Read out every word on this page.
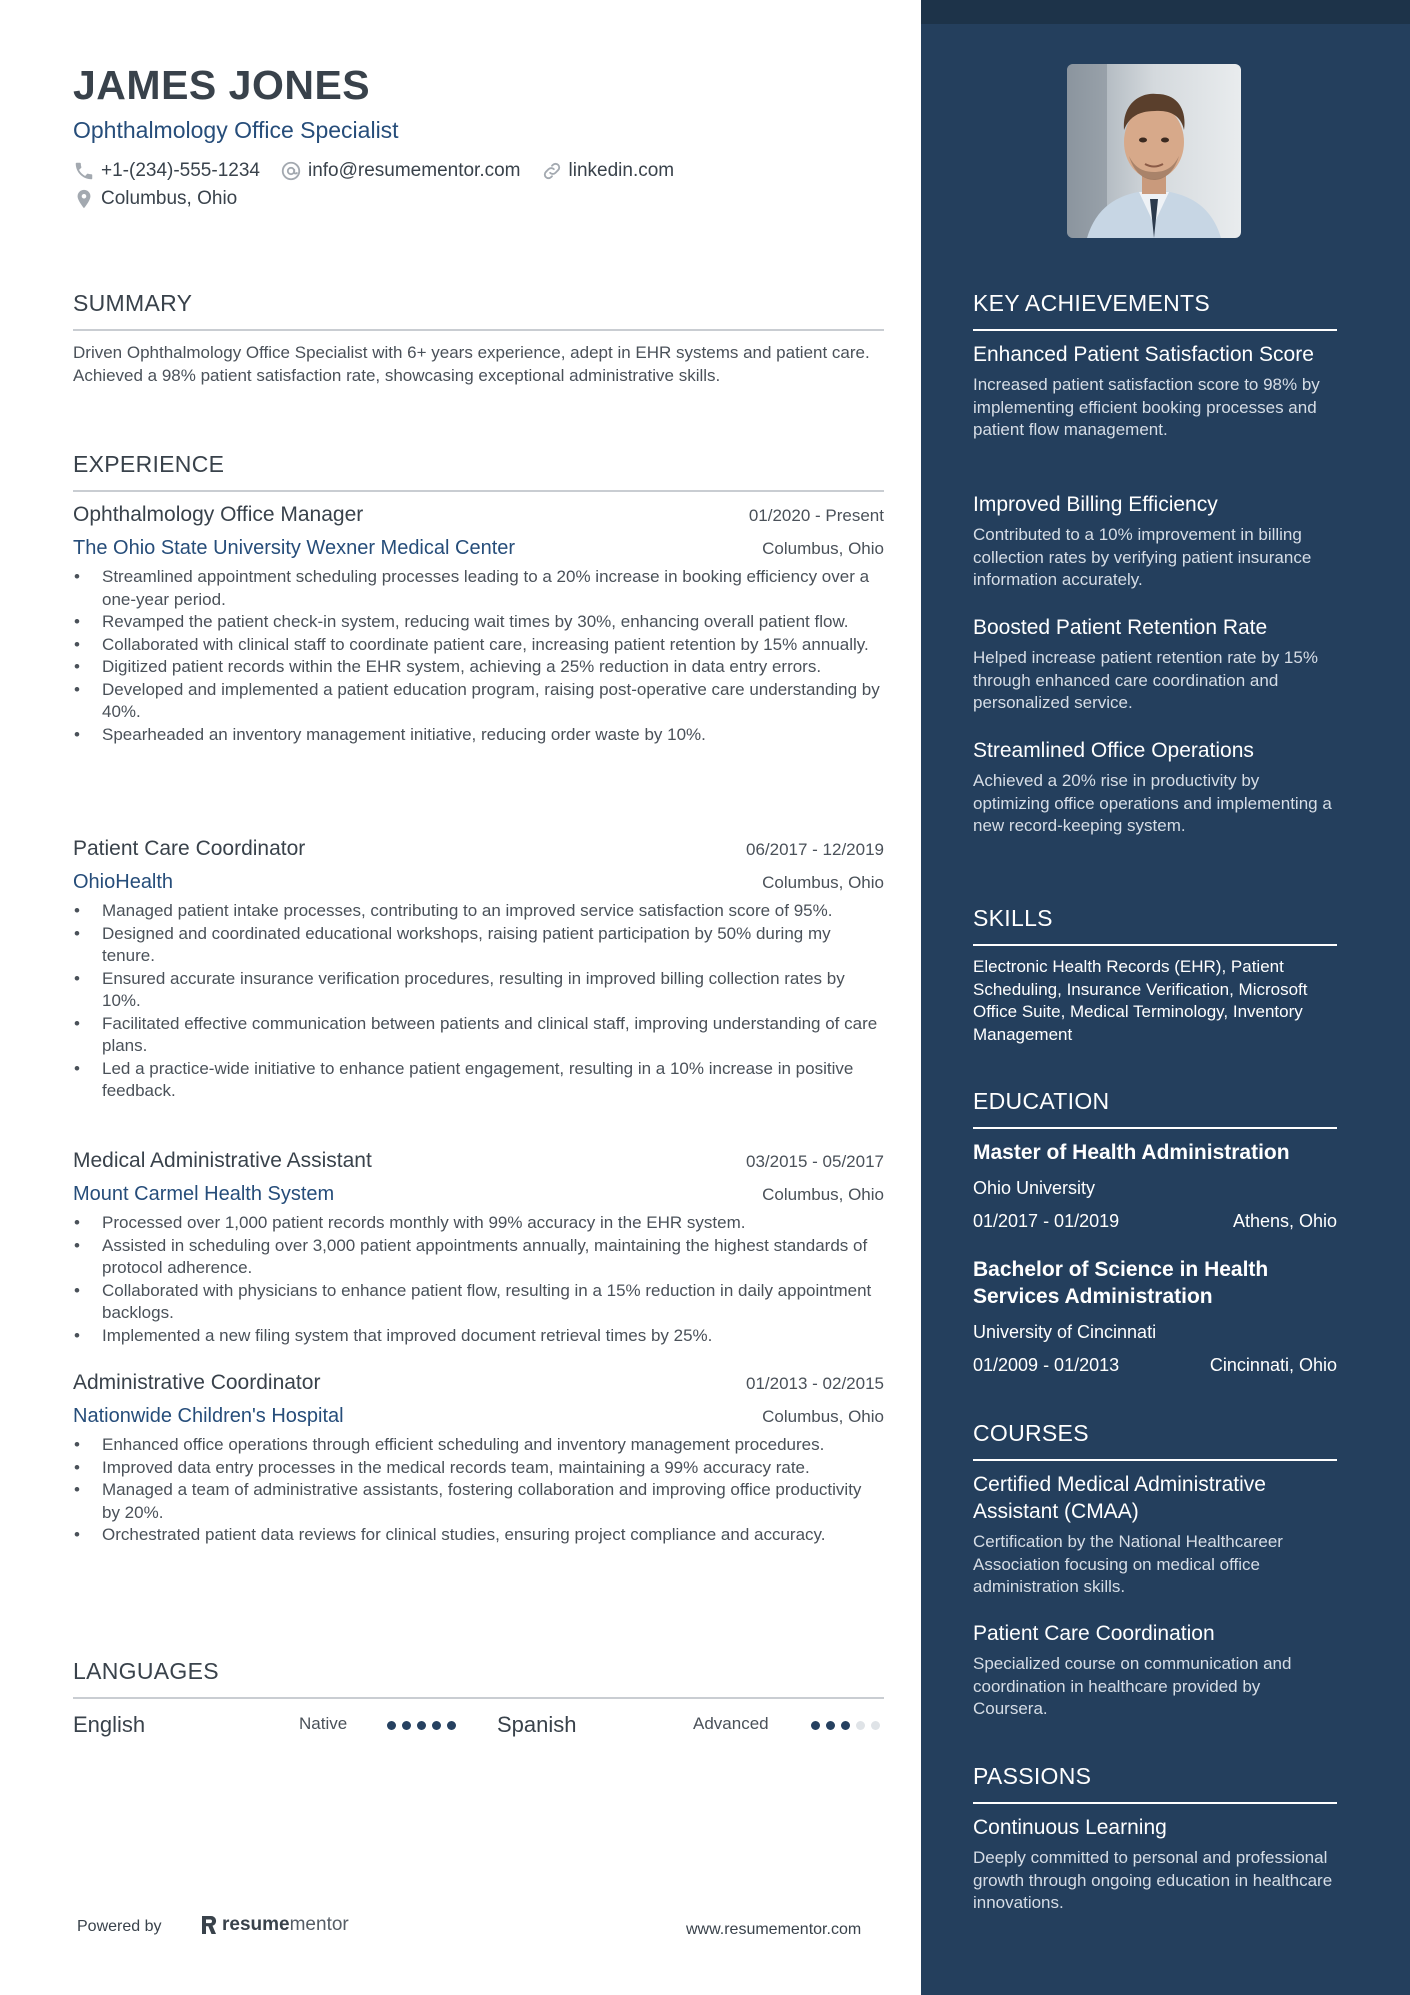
JAMES JONES
Ophthalmology Office Specialist
+1-(234)-555-1234	info@resumementor.com	linkedin.com
Columbus, Ohio
SUMMARY
Driven Ophthalmology Office Specialist with 6+ years experience, adept in EHR systems and patient care. Achieved a 98% patient satisfaction rate, showcasing exceptional administrative skills.
EXPERIENCE
Ophthalmology Office Manager	01/2020 - Present
The Ohio State University Wexner Medical Center	Columbus, Ohio
• Streamlined appointment scheduling processes leading to a 20% increase in booking efficiency over a one-year period.
• Revamped the patient check-in system, reducing wait times by 30%, enhancing overall patient flow.
• Collaborated with clinical staff to coordinate patient care, increasing patient retention by 15% annually.
• Digitized patient records within the EHR system, achieving a 25% reduction in data entry errors.
• Developed and implemented a patient education program, raising post-operative care understanding by 40%.
• Spearheaded an inventory management initiative, reducing order waste by 10%.
Patient Care Coordinator	06/2017 - 12/2019
OhioHealth	Columbus, Ohio
• Managed patient intake processes, contributing to an improved service satisfaction score of 95%.
• Designed and coordinated educational workshops, raising patient participation by 50% during my tenure.
• Ensured accurate insurance verification procedures, resulting in improved billing collection rates by 10%.
• Facilitated effective communication between patients and clinical staff, improving understanding of care plans.
• Led a practice-wide initiative to enhance patient engagement, resulting in a 10% increase in positive feedback.
Medical Administrative Assistant	03/2015 - 05/2017
Mount Carmel Health System	Columbus, Ohio
• Processed over 1,000 patient records monthly with 99% accuracy in the EHR system.
• Assisted in scheduling over 3,000 patient appointments annually, maintaining the highest standards of protocol adherence.
• Collaborated with physicians to enhance patient flow, resulting in a 15% reduction in daily appointment backlogs.
• Implemented a new filing system that improved document retrieval times by 25%.
Administrative Coordinator	01/2013 - 02/2015
Nationwide Children's Hospital	Columbus, Ohio
• Enhanced office operations through efficient scheduling and inventory management procedures.
• Improved data entry processes in the medical records team, maintaining a 99% accuracy rate.
• Managed a team of administrative assistants, fostering collaboration and improving office productivity by 20%.
• Orchestrated patient data reviews for clinical studies, ensuring project compliance and accuracy.
LANGUAGES
English	Native	Spanish	Advanced
Powered by	resume mentor	www.resumementor.com
KEY ACHIEVEMENTS
Enhanced Patient Satisfaction Score
Increased patient satisfaction score to 98% by implementing efficient booking processes and patient flow management.
Improved Billing Efficiency
Contributed to a 10% improvement in billing collection rates by verifying patient insurance information accurately.
Boosted Patient Retention Rate
Helped increase patient retention rate by 15% through enhanced care coordination and personalized service.
Streamlined Office Operations
Achieved a 20% rise in productivity by optimizing office operations and implementing a new record-keeping system.
SKILLS
Electronic Health Records (EHR), Patient Scheduling, Insurance Verification, Microsoft Office Suite, Medical Terminology, Inventory Management
EDUCATION
Master of Health Administration
Ohio University
01/2017 - 01/2019	Athens, Ohio
Bachelor of Science in Health Services Administration
University of Cincinnati
01/2009 - 01/2013	Cincinnati, Ohio
COURSES
Certified Medical Administrative Assistant (CMAA)
Certification by the National Healthcareer Association focusing on medical office administration skills.
Patient Care Coordination
Specialized course on communication and coordination in healthcare provided by Coursera.
PASSIONS
Continuous Learning
Deeply committed to personal and professional growth through ongoing education in healthcare innovations.
